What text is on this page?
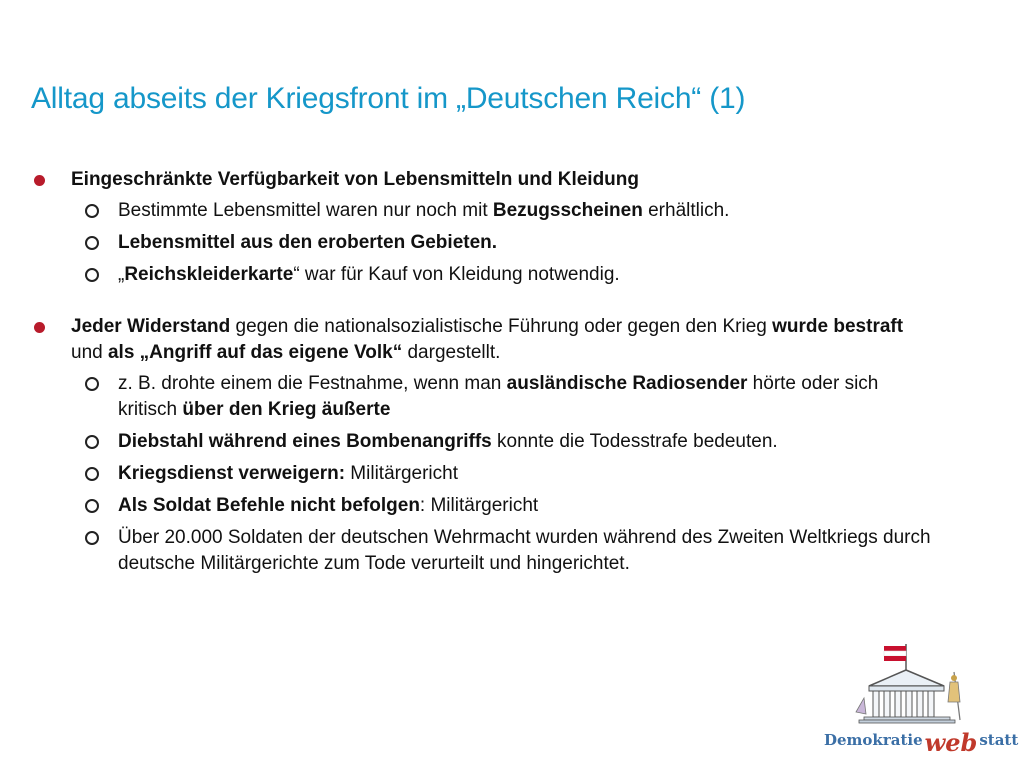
Alltag abseits der Kriegsfront im „Deutschen Reich“ (1)
Eingeschränkte Verfügbarkeit von Lebensmitteln und Kleidung
Bestimmte Lebensmittel waren nur noch mit Bezugsscheinen erhältlich.
Lebensmittel aus den eroberten Gebieten.
„Reichskleiderkarte“ war für Kauf von Kleidung notwendig.
Jeder Widerstand gegen die nationalsozialistische Führung oder gegen den Krieg wurde bestraft und als „Angriff auf das eigene Volk“ dargestellt.
z. B. drohte einem die Festnahme, wenn man ausländische Radiosender hörte oder sich kritisch über den Krieg äußerte
Diebstahl während eines Bombenangriffs konnte die Todesstrafe bedeuten.
Kriegsdienst verweigern: Militärgericht
Als Soldat Befehle nicht befolgen: Militärgericht
Über 20.000 Soldaten der deutschen Wehrmacht wurden während des Zweiten Weltkriegs durch deutsche Militärgerichte zum Tode verurteilt und hingerichtet.
Demokratieweb statt
